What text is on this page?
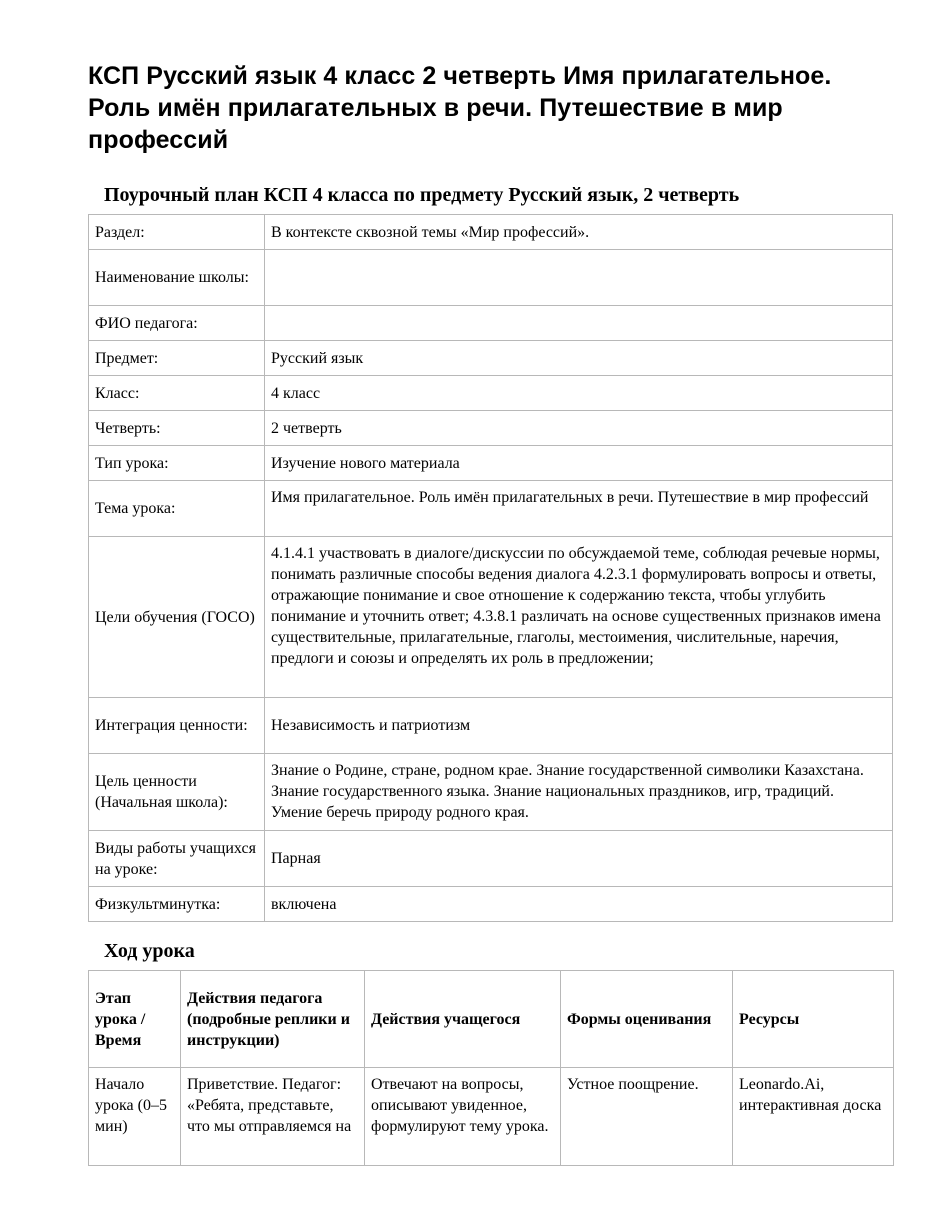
КСП Русский язык 4 класс 2 четверть Имя прилагательное. Роль имён прилагательных в речи. Путешествие в мир профессий
Поурочный план КСП 4 класса по предмету Русский язык, 2 четверть
Раздел:	В контексте сквозной темы «Мир профессий».
Наименование школы:	
ФИО педагога:	
Предмет:	Русский язык
Класс:	4 класс
Четверть:	2 четверть
Тип урока:	Изучение нового материала
Тема урока:	Имя прилагательное. Роль имён прилагательных в речи. Путешествие в мир профессий
Цели обучения (ГОСО)	4.1.4.1 участвовать в диалоге/дискуссии по обсуждаемой теме, соблюдая речевые нормы, понимать различные способы ведения диалога 4.2.3.1 формулировать вопросы и ответы, отражающие понимание и свое отношение к содержанию текста, чтобы углубить понимание и уточнить ответ; 4.3.8.1 различать на основе существенных признаков имена существительные, прилагательные, глаголы, местоимения, числительные, наречия, предлоги и союзы и определять их роль в предложении;
Интеграция ценности:	Независимость и патриотизм
Цель ценности (Начальная школа):	Знание о Родине, стране, родном крае. Знание государственной символики Казахстана. Знание государственного языка. Знание национальных праздников, игр, традиций. Умение беречь природу родного края.
Виды работы учащихся на уроке:	Парная
Физкультминутка:	включена
Ход урока
Этап урока / Время	Действия педагога (подробные реплики и инструкции)	Действия учащегося	Формы оценивания	Ресурсы
Начало урока (0–5 мин)	Приветствие. Педагог: «Ребята, представьте, что мы отправляемся на	Отвечают на вопросы, описывают увиденное, формулируют тему урока.	Устное поощрение.	Leonardo.Ai, интерактивная доска
